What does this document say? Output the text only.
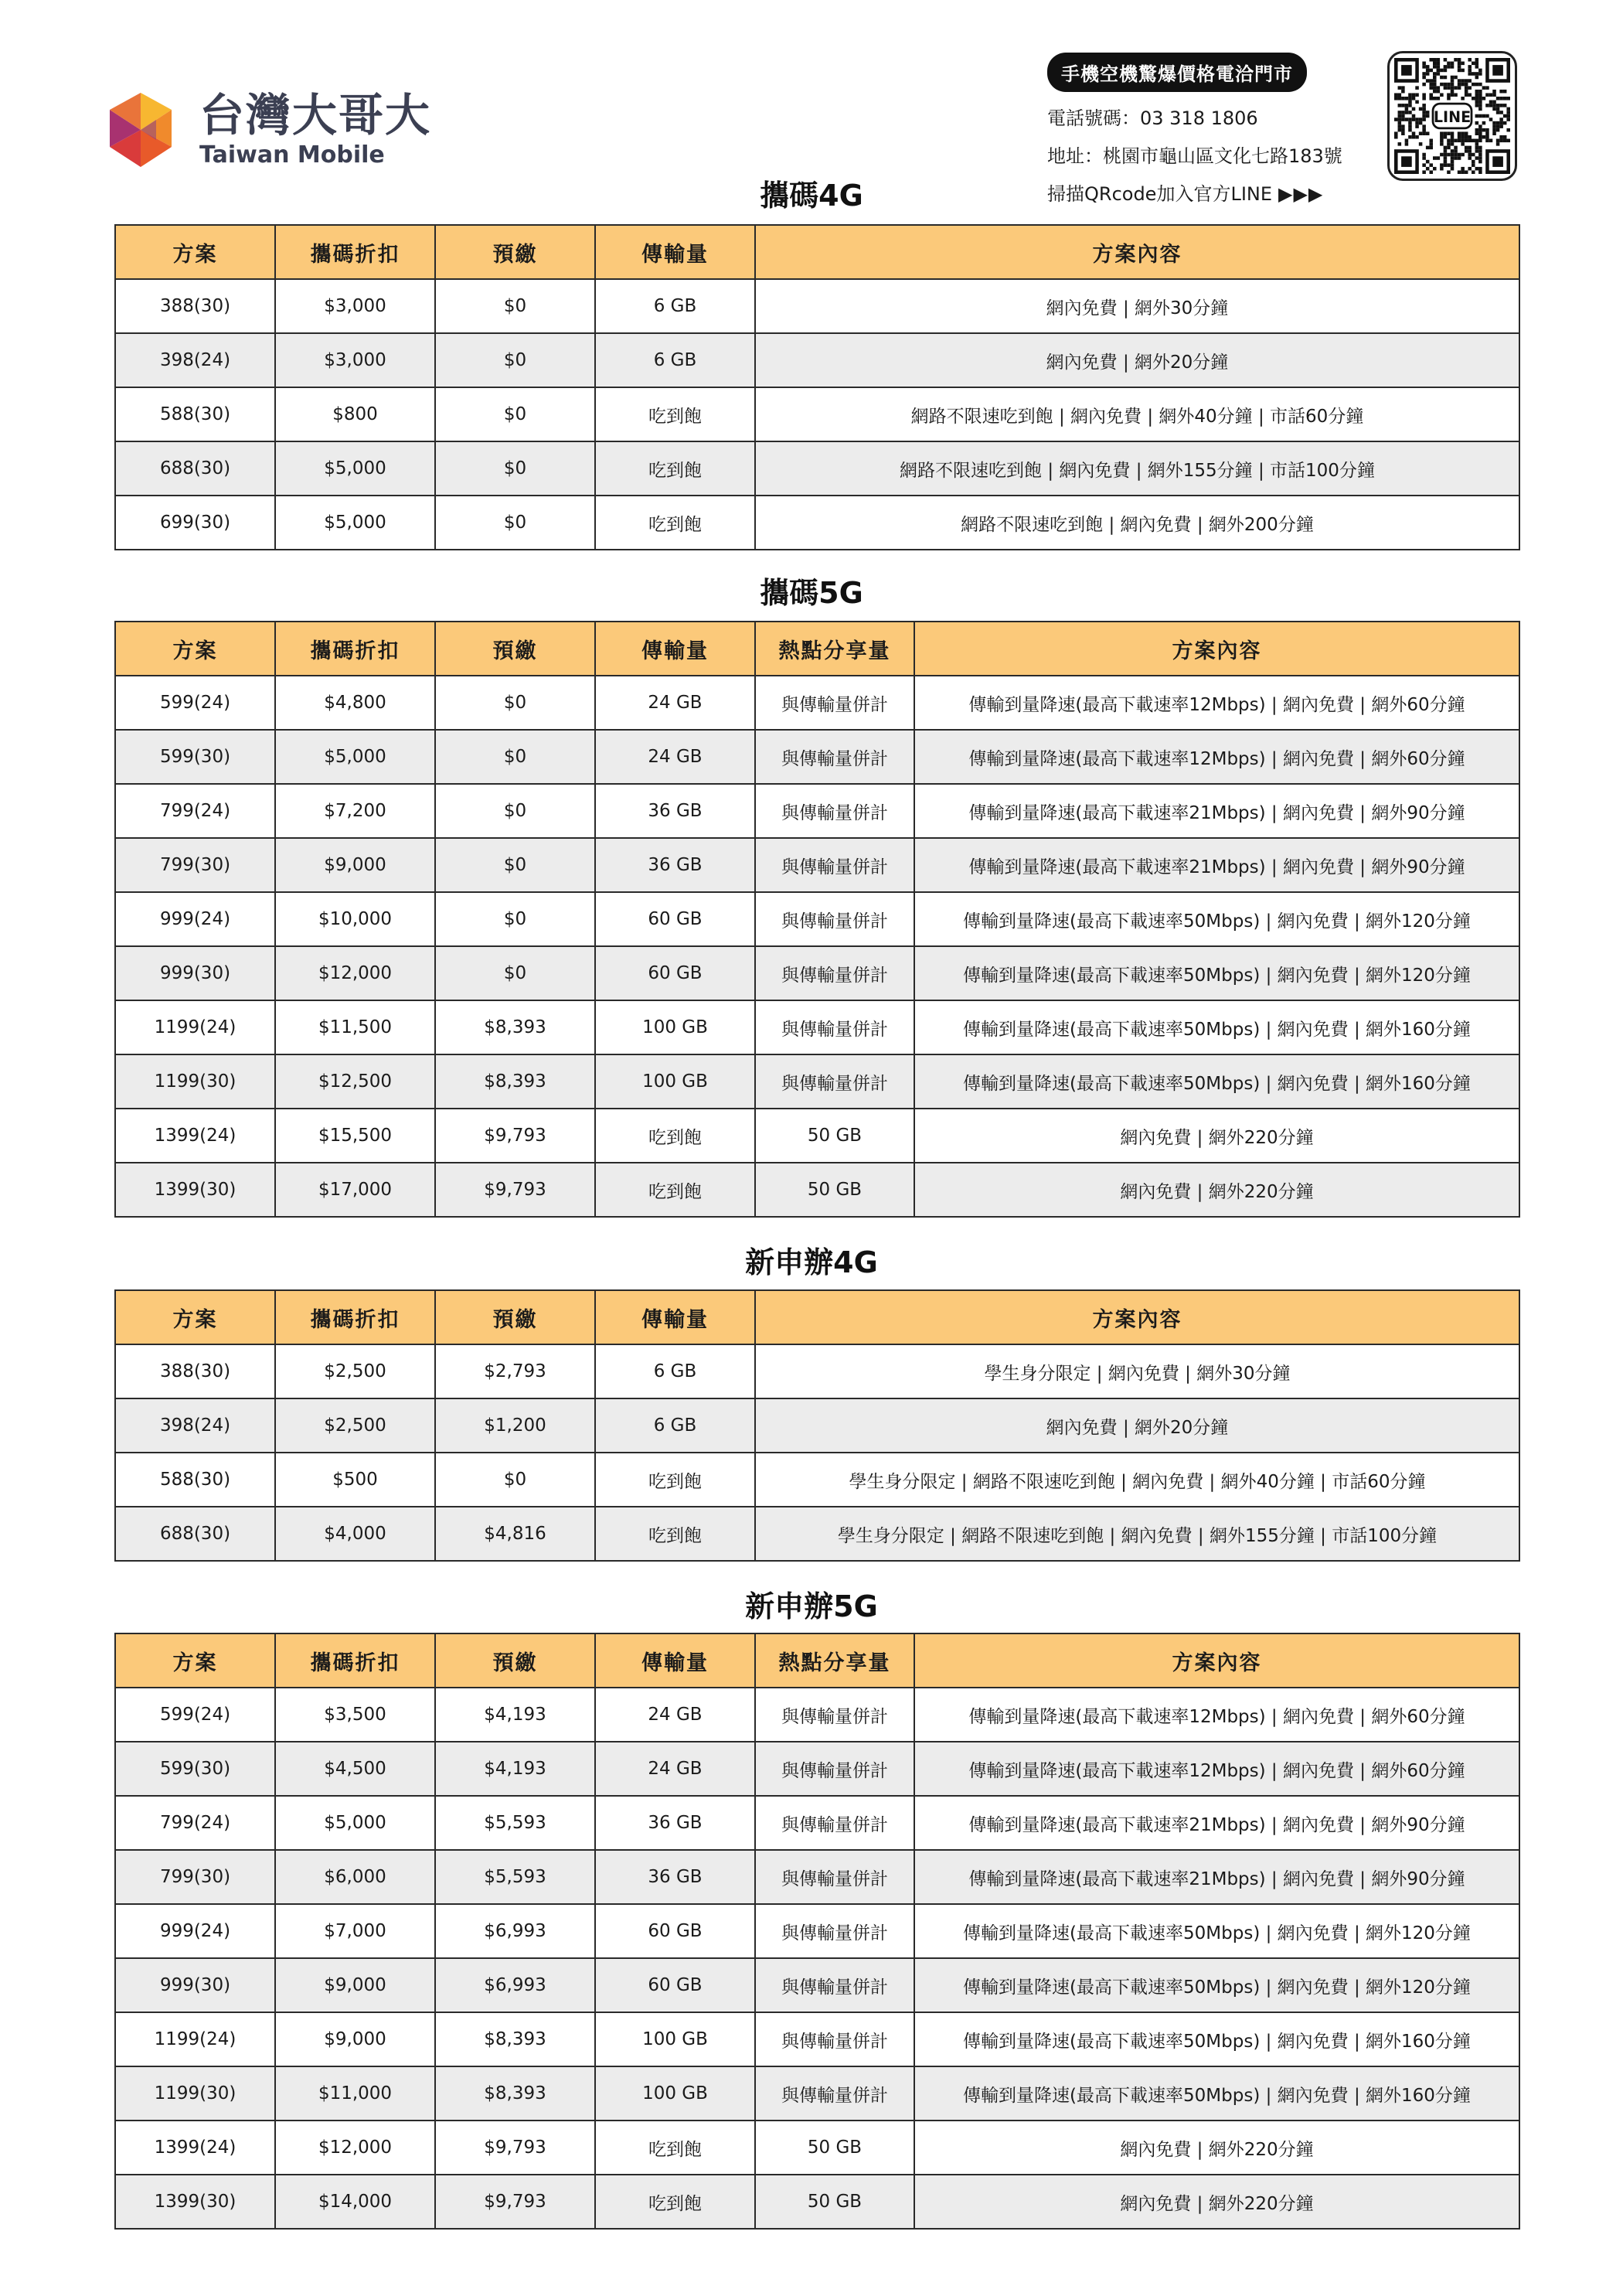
台灣大哥大
Taiwan Mobile
手機空機驚爆價格電洽門市
電話號碼：03 318 1806
地址：桃園市龜山區文化七路183號
掃描QRcode加入官方LINE ▶▶▶
LINE
攜碼4G
方案	攜碼折扣	預繳	傳輸量	方案內容
388(30)	$3,000	$0	6 GB	網內免費 | 網外30分鐘
398(24)	$3,000	$0	6 GB	網內免費 | 網外20分鐘
588(30)	$800	$0	吃到飽	網路不限速吃到飽 | 網內免費 | 網外40分鐘 | 市話60分鐘
688(30)	$5,000	$0	吃到飽	網路不限速吃到飽 | 網內免費 | 網外155分鐘 | 市話100分鐘
699(30)	$5,000	$0	吃到飽	網路不限速吃到飽 | 網內免費 | 網外200分鐘
攜碼5G
方案	攜碼折扣	預繳	傳輸量	熱點分享量	方案內容
599(24)	$4,800	$0	24 GB	與傳輸量併計	傳輸到量降速(最高下載速率12Mbps) | 網內免費 | 網外60分鐘
599(30)	$5,000	$0	24 GB	與傳輸量併計	傳輸到量降速(最高下載速率12Mbps) | 網內免費 | 網外60分鐘
799(24)	$7,200	$0	36 GB	與傳輸量併計	傳輸到量降速(最高下載速率21Mbps) | 網內免費 | 網外90分鐘
799(30)	$9,000	$0	36 GB	與傳輸量併計	傳輸到量降速(最高下載速率21Mbps) | 網內免費 | 網外90分鐘
999(24)	$10,000	$0	60 GB	與傳輸量併計	傳輸到量降速(最高下載速率50Mbps) | 網內免費 | 網外120分鐘
999(30)	$12,000	$0	60 GB	與傳輸量併計	傳輸到量降速(最高下載速率50Mbps) | 網內免費 | 網外120分鐘
1199(24)	$11,500	$8,393	100 GB	與傳輸量併計	傳輸到量降速(最高下載速率50Mbps) | 網內免費 | 網外160分鐘
1199(30)	$12,500	$8,393	100 GB	與傳輸量併計	傳輸到量降速(最高下載速率50Mbps) | 網內免費 | 網外160分鐘
1399(24)	$15,500	$9,793	吃到飽	50 GB	網內免費 | 網外220分鐘
1399(30)	$17,000	$9,793	吃到飽	50 GB	網內免費 | 網外220分鐘
新申辦4G
方案	攜碼折扣	預繳	傳輸量	方案內容
388(30)	$2,500	$2,793	6 GB	學生身分限定 | 網內免費 | 網外30分鐘
398(24)	$2,500	$1,200	6 GB	網內免費 | 網外20分鐘
588(30)	$500	$0	吃到飽	學生身分限定 | 網路不限速吃到飽 | 網內免費 | 網外40分鐘 | 市話60分鐘
688(30)	$4,000	$4,816	吃到飽	學生身分限定 | 網路不限速吃到飽 | 網內免費 | 網外155分鐘 | 市話100分鐘
新申辦5G
方案	攜碼折扣	預繳	傳輸量	熱點分享量	方案內容
599(24)	$3,500	$4,193	24 GB	與傳輸量併計	傳輸到量降速(最高下載速率12Mbps) | 網內免費 | 網外60分鐘
599(30)	$4,500	$4,193	24 GB	與傳輸量併計	傳輸到量降速(最高下載速率12Mbps) | 網內免費 | 網外60分鐘
799(24)	$5,000	$5,593	36 GB	與傳輸量併計	傳輸到量降速(最高下載速率21Mbps) | 網內免費 | 網外90分鐘
799(30)	$6,000	$5,593	36 GB	與傳輸量併計	傳輸到量降速(最高下載速率21Mbps) | 網內免費 | 網外90分鐘
999(24)	$7,000	$6,993	60 GB	與傳輸量併計	傳輸到量降速(最高下載速率50Mbps) | 網內免費 | 網外120分鐘
999(30)	$9,000	$6,993	60 GB	與傳輸量併計	傳輸到量降速(最高下載速率50Mbps) | 網內免費 | 網外120分鐘
1199(24)	$9,000	$8,393	100 GB	與傳輸量併計	傳輸到量降速(最高下載速率50Mbps) | 網內免費 | 網外160分鐘
1199(30)	$11,000	$8,393	100 GB	與傳輸量併計	傳輸到量降速(最高下載速率50Mbps) | 網內免費 | 網外160分鐘
1399(24)	$12,000	$9,793	吃到飽	50 GB	網內免費 | 網外220分鐘
1399(30)	$14,000	$9,793	吃到飽	50 GB	網內免費 | 網外220分鐘
